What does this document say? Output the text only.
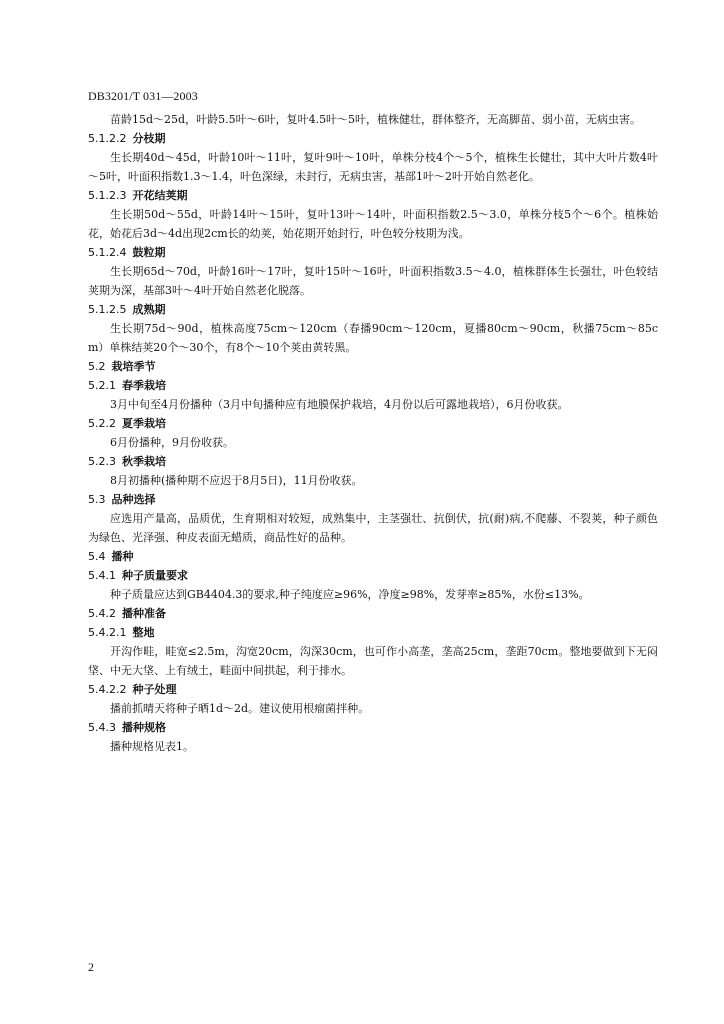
DB3201/T 031—2003

苗龄15d～25d，叶龄5.5叶～6叶，复叶4.5叶～5叶，植株健壮，群体整齐，无高脚苗、弱小苗，无病虫害。

5.1.2.2 分枝期

生长期40d～45d，叶龄10叶～11叶，复叶9叶～10叶，单株分枝4个～5个，植株生长健壮，其中大叶片数4叶～5叶，叶面积指数1.3～1.4，叶色深绿，未封行，无病虫害，基部1叶～2叶开始自然老化。

5.1.2.3 开花结荚期

生长期50d～55d，叶龄14叶～15叶，复叶13叶～14叶，叶面积指数2.5～3.0，单株分枝5个～6个。植株始花，始花后3d～4d出现2cm长的幼荚，始花期开始封行，叶色较分枝期为浅。

5.1.2.4 鼓粒期

生长期65d～70d，叶龄16叶～17叶，复叶15叶～16叶，叶面积指数3.5～4.0，植株群体生长强壮，叶色较结荚期为深，基部3叶～4叶开始自然老化脱落。

5.1.2.5 成熟期

生长期75d～90d，植株高度75cm～120cm（春播90cm～120cm，夏播80cm～90cm，秋播75cm～85cm）单株结荚20个～30个，有8个～10个荚由黄转黑。

5.2 栽培季节
5.2.1 春季栽培

3月中旬至4月份播种（3月中旬播种应有地膜保护栽培，4月份以后可露地栽培），6月份收获。

5.2.2 夏季栽培

6月份播种，9月份收获。

5.2.3 秋季栽培

8月初播种(播种期不应迟于8月5日)，11月份收获。

5.3 品种选择

应选用产量高，品质优，生育期相对较短，成熟集中，主茎强壮、抗倒伏，抗(耐)病,不爬藤、不裂荚，种子颜色为绿色、光泽强、种皮表面无蜡质，商品性好的品种。

5.4 播种
5.4.1 种子质量要求

种子质量应达到GB4404.3的要求,种子纯度应≥96%，净度≥98%，发芽率≥85%，水份≤13%。

5.4.2 播种准备
5.4.2.1 整地

开沟作畦，畦宽≤2.5m，沟宽20cm，沟深30cm，也可作小高垄，垄高25cm，垄距70cm。整地要做到下无闷垡、中无大垡、上有绒土，畦面中间拱起，利于排水。

5.4.2.2 种子处理

播前抓晴天将种子晒1d～2d。建议使用根瘤菌拌种。

5.4.3 播种规格

播种规格见表1。

2
